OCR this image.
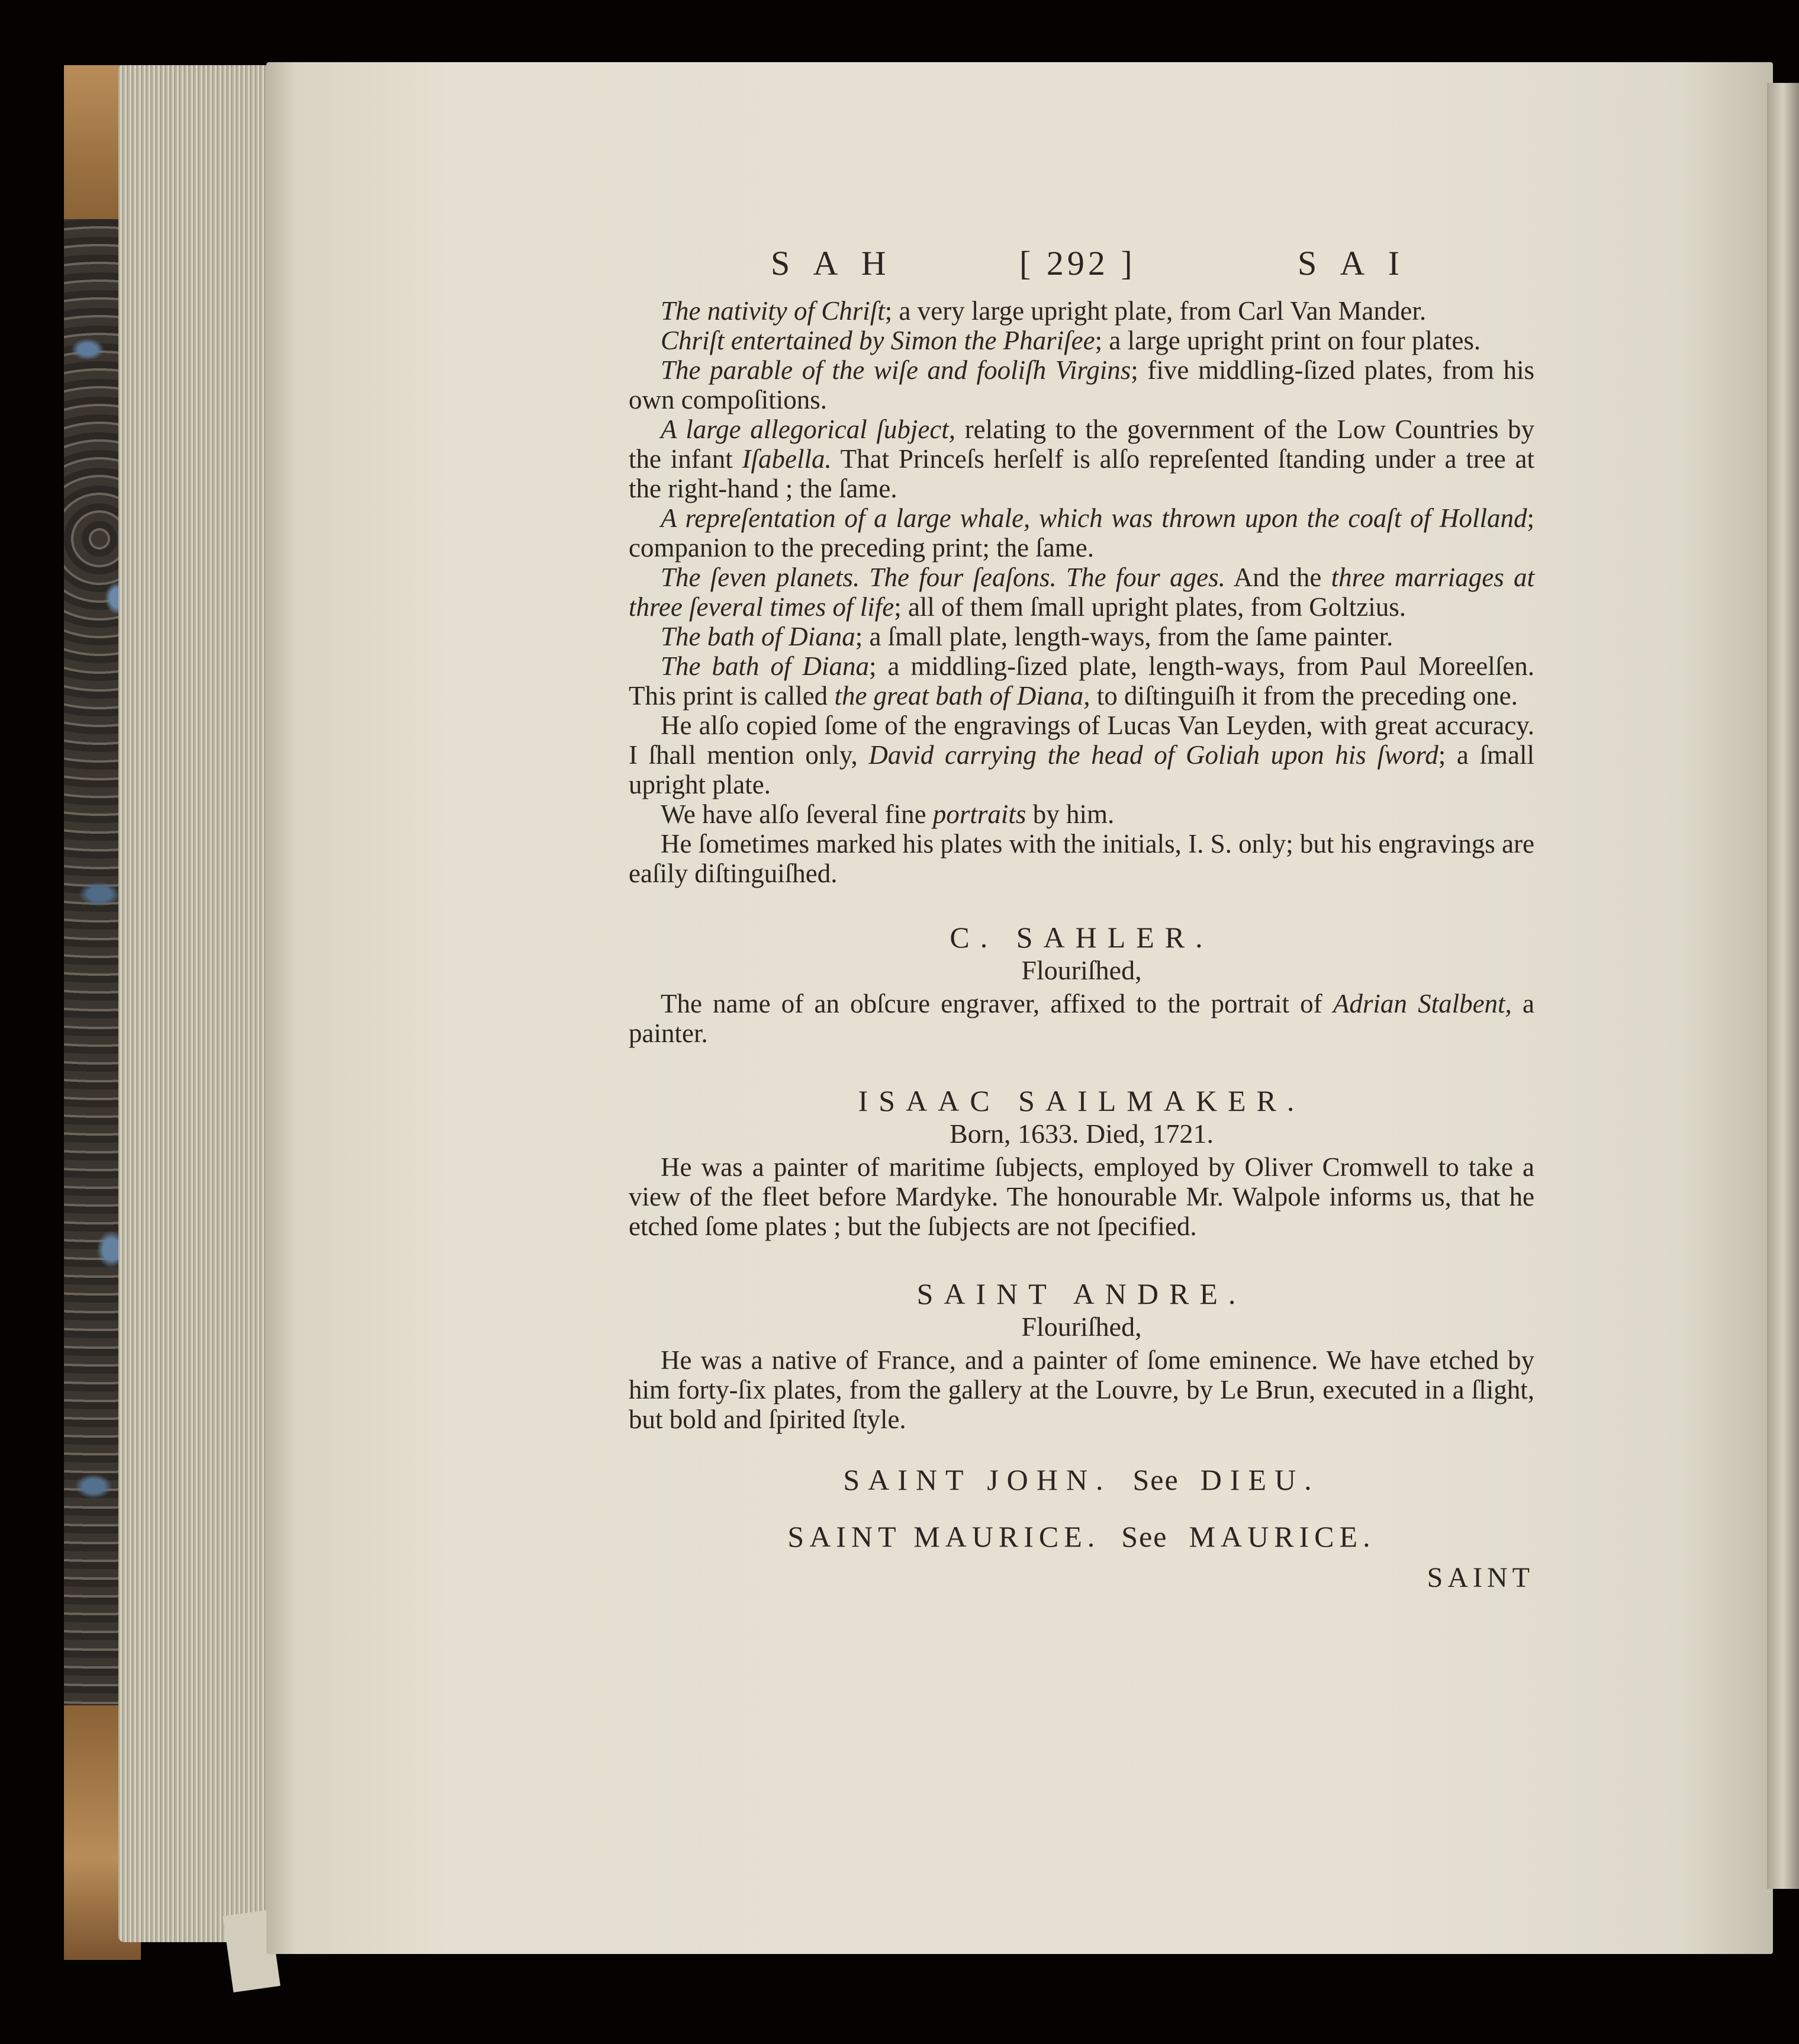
S A H	[ 292 ]	S A I

The nativity of Chriſt; a very large upright plate, from Carl Van Mander.

Chriſt entertained by Simon the Phariſee; a large upright print on four plates.

The parable of the wiſe and fooliſh Virgins; five middling-ſized plates, from his own compoſitions.

A large allegorical ſubject, relating to the government of the Low Countries by the infant Iſabella. That Princeſs herſelf is alſo repreſented ſtanding under a tree at the right-hand ; the ſame.

A repreſentation of a large whale, which was thrown upon the coaſt of Holland; companion to the preceding print; the ſame.

The ſeven planets. The four ſeaſons. The four ages. And the three marriages at three ſeveral times of life; all of them ſmall upright plates, from Goltzius.

The bath of Diana; a ſmall plate, length-ways, from the ſame painter.

The bath of Diana; a middling-ſized plate, length-ways, from Paul Moreelſen. This print is called the great bath of Diana, to diſtinguiſh it from the preceding one.

He alſo copied ſome of the engravings of Lucas Van Leyden, with great accuracy. I ſhall mention only, David carrying the head of Goliah upon his ſword; a ſmall upright plate.

We have alſo ſeveral fine portraits by him.

He ſometimes marked his plates with the initials, I. S. only; but his engravings are eaſily diſtinguiſhed.

C. SAHLER.
Flouriſhed,

The name of an obſcure engraver, affixed to the portrait of Adrian Stalbent, a painter.

ISAAC SAILMAKER.
Born, 1633. Died, 1721.

He was a painter of maritime ſubjects, employed by Oliver Cromwell to take a view of the fleet before Mardyke. The honourable Mr. Walpole informs us, that he etched ſome plates ; but the ſubjects are not ſpecified.

SAINT ANDRE.
Flouriſhed,

He was a native of France, and a painter of ſome eminence. We have etched by him forty-ſix plates, from the gallery at the Louvre, by Le Brun, executed in a ſlight, but bold and ſpirited ſtyle.

SAINT JOHN. See DIEU.
SAINT MAURICE. See MAURICE.
SAINT
